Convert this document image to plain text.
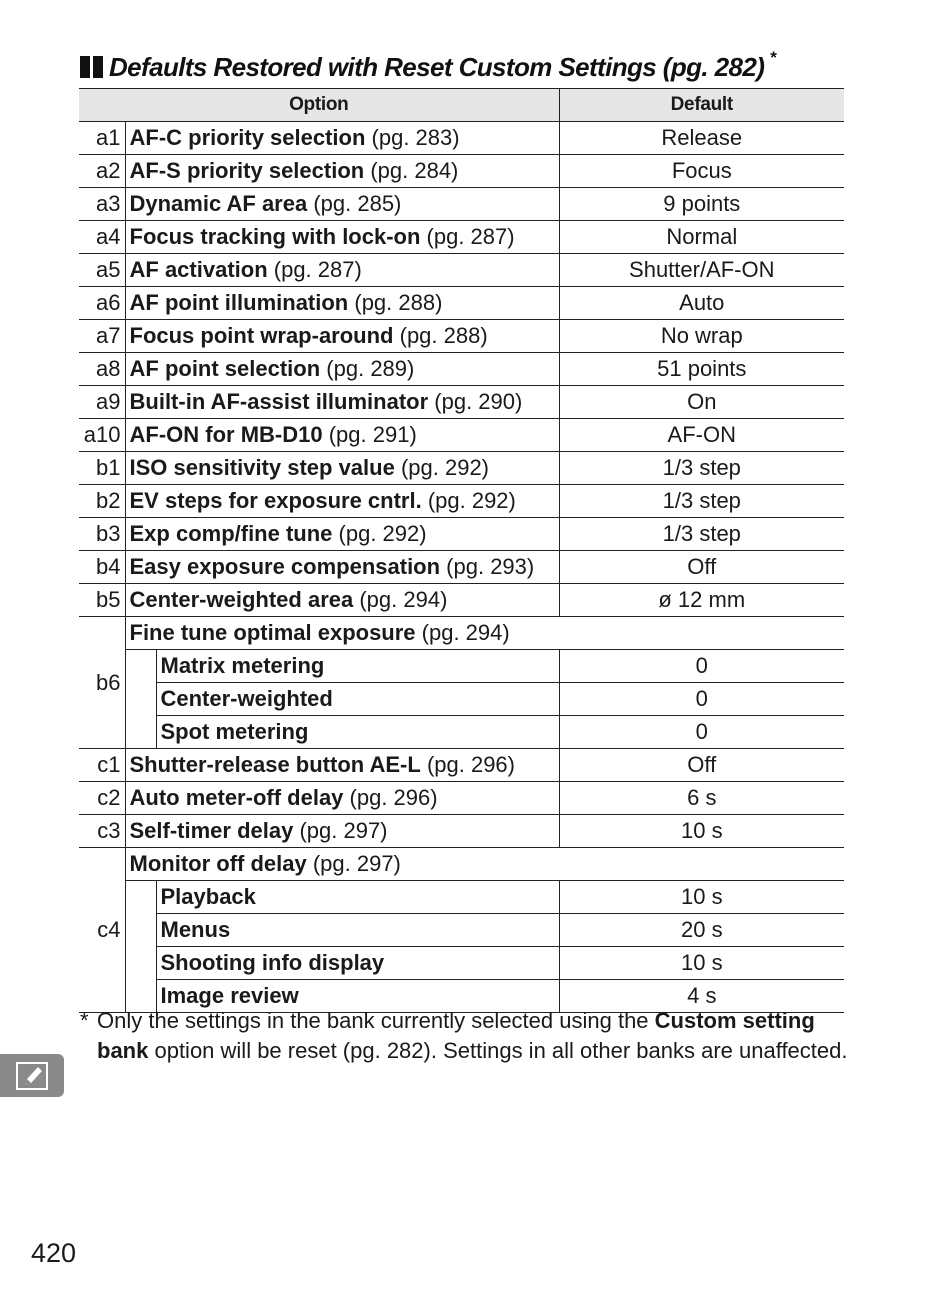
Defaults Restored with Reset Custom Settings (pg. 282) *
Option			Default
a1	AF-C priority selection (pg. 283)		Release
a2	AF-S priority selection (pg. 284)		Focus
a3	Dynamic AF area (pg. 285)		9 points
a4	Focus tracking with lock-on (pg. 287)		Normal
a5	AF activation (pg. 287)		Shutter/AF-ON
a6	AF point illumination (pg. 288)		Auto
a7	Focus point wrap-around (pg. 288)		No wrap
a8	AF point selection (pg. 289)		51 points
a9	Built-in AF-assist illuminator (pg. 290)		On
a10	AF-ON for MB-D10 (pg. 291)		AF-ON
b1	ISO sensitivity step value (pg. 292)		1/3 step
b2	EV steps for exposure cntrl. (pg. 292)		1/3 step
b3	Exp comp/fine tune (pg. 292)		1/3 step
b4	Easy exposure compensation (pg. 293)		Off
b5	Center-weighted area (pg. 294)		ø 12 mm
b6	Fine tune optimal exposure (pg. 294)		
		Matrix metering	0
		Center-weighted	0
		Spot metering	0
c1	Shutter-release button AE-L (pg. 296)		Off
c2	Auto meter-off delay (pg. 296)		6 s
c3	Self-timer delay (pg. 297)		10 s
c4	Monitor off delay (pg. 297)		
		Playback	10 s
		Menus	20 s
		Shooting info display	10 s
		Image review	4 s
* Only the settings in the bank currently selected using the Custom setting bank option will be reset (pg. 282). Settings in all other banks are unaffected.
420
